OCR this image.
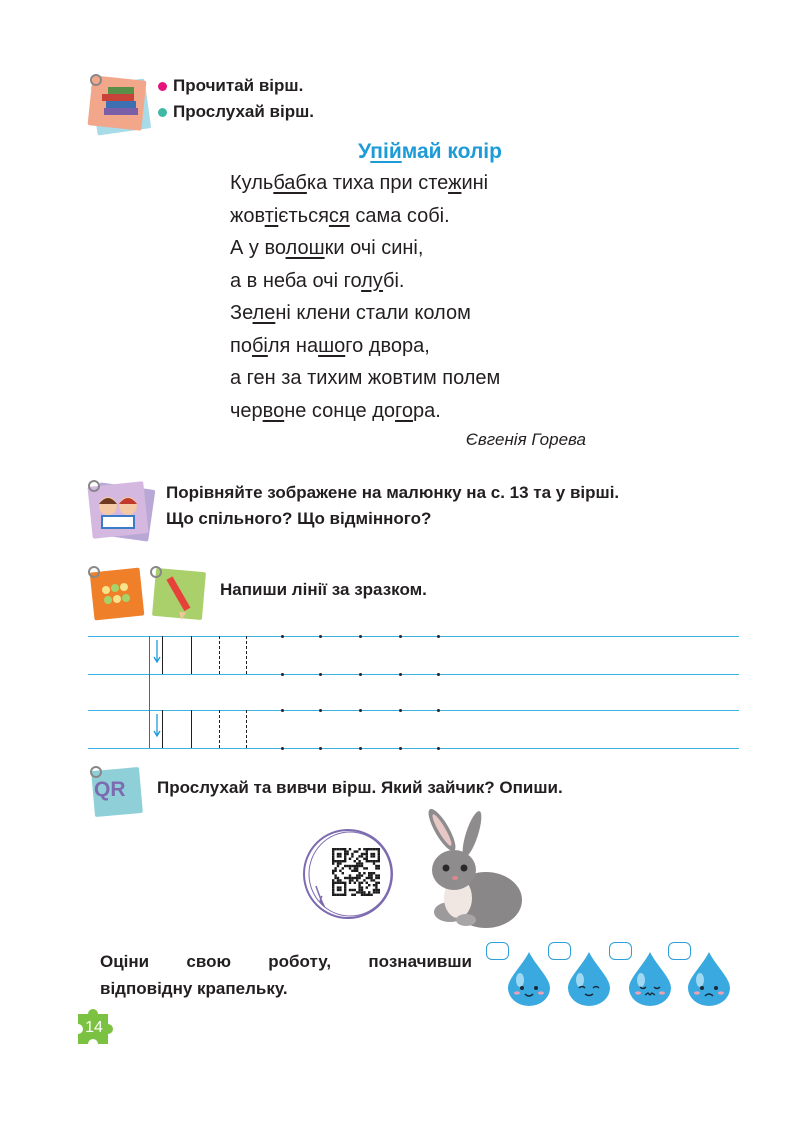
Прочитай вірш.
Прослухай вірш.
Упіймай колір
Кульбабка тиха при стежині
жовтієтьсяся сама собі.
А у волошки очі сині,
а в неба очі голубі.
Зелені клени стали колом
побіля нашого двора,
а ген за тихим жовтим полем
червоне сонце догора.
Євгенія Горева
Порівняйте зображене на малюнку на с. 13 та у вірші.
Що спільного? Що відмінного?
Напиши лінії за зразком.
QR Прослухай та вивчи вірш. Який зайчик? Опиши.
Оціни свою роботу, позначивши
відповідну крапельку.
14
